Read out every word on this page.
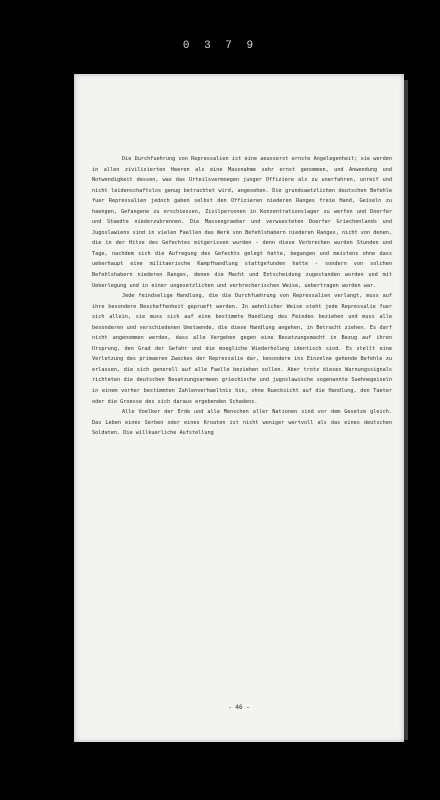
0 3 7 9

Die Durchfuehrung von Repressalien ist eine aeusserst ernste Angelegenheit; sie werden in allen zivilisierten Heeren als eine Massnahme sehr ernst genommen, und Anwendung und Notwendigkeit dessen, was das Urteilsvermoegen junger Offiziere als zu unerfahren, unreif und nicht leidenschaftslos genug betrachtet wird, angesehen. Die grundsaetzlichen deutschen Befehle fuer Repressalien jedoch gaben selbst den Offizieren niederen Ranges freie Hand, Geiseln zu haengen, Gefangene zu erschiessen, Zivilpersonen in Konzentrationslager zu werfen und Doerfer und Staedte niederzubrennen. Die Massengraeber und verwuesteten Doerfer Griechenlands und Jugoslawiens sind in vielen Faellen das Werk von Befehlshabern niederen Ranges, nicht von denen, die in der Hitze des Gefechtes mitgerissen wurden - denn diese Verbrechen wurden Stunden und Tage, nachdem sich die Aufregung des Gefechts gelegt hatte, begangen und meistens ohne dass ueberhaupt eine militaerische Kampfhandlung stattgefunden hatte - sondern von solchen Befehlshabern niederen Ranges, denen die Macht und Entscheidung zugestanden worden und mit Ueberlegung und in einer ungesetzlichen und verbrecherischen Weise, uebertragen worden war.

Jede feindselige Handlung, die die Durchfuehrung von Repressalien verlangt, muss auf ihre besondere Beschaffenheit geprueft werden. In aehnlicher Weise steht jede Repressalie fuer sich allein, sie muss sich auf eine bestimmte Handlung des Feindes beziehen und muss alle besonderen und verschiedenen Umstaende, die diese Handlung angehen, in Betracht ziehen. Es darf nicht angenommen werden, dass alle Vergehen gegen eine Besatzungsmacht in Bezug auf ihren Ursprung, den Grad der Gefahr und die moegliche Wiederholung identisch sind. Es stellt eine Verletzung des primaeren Zweckes der Repressalie dar, besondere ins Einzelne gehende Befehle zu erlassen, die sich generell auf alle Faelle beziehen sollen. Aber trotz dieses Warnungssignals richteten die deutschen Besatzungsarmeen griechische und jugoslawische sogenannte Suehnegeiseln in einem vorher bestimmten Zahlenverhaeltnis hin, ohne Ruecksicht auf die Handlung, den Taeter oder die Groesse des sich daraus ergebenden Schadens.

Alle Voelker der Erde und alle Menschen aller Nationen sind vor dem Gesetze gleich. Das Leben eines Serben oder eines Kroaten ist nicht weniger wertvoll als das eines deutschen Soldaten. Die willkuerliche Aufstellung

- 46 -
